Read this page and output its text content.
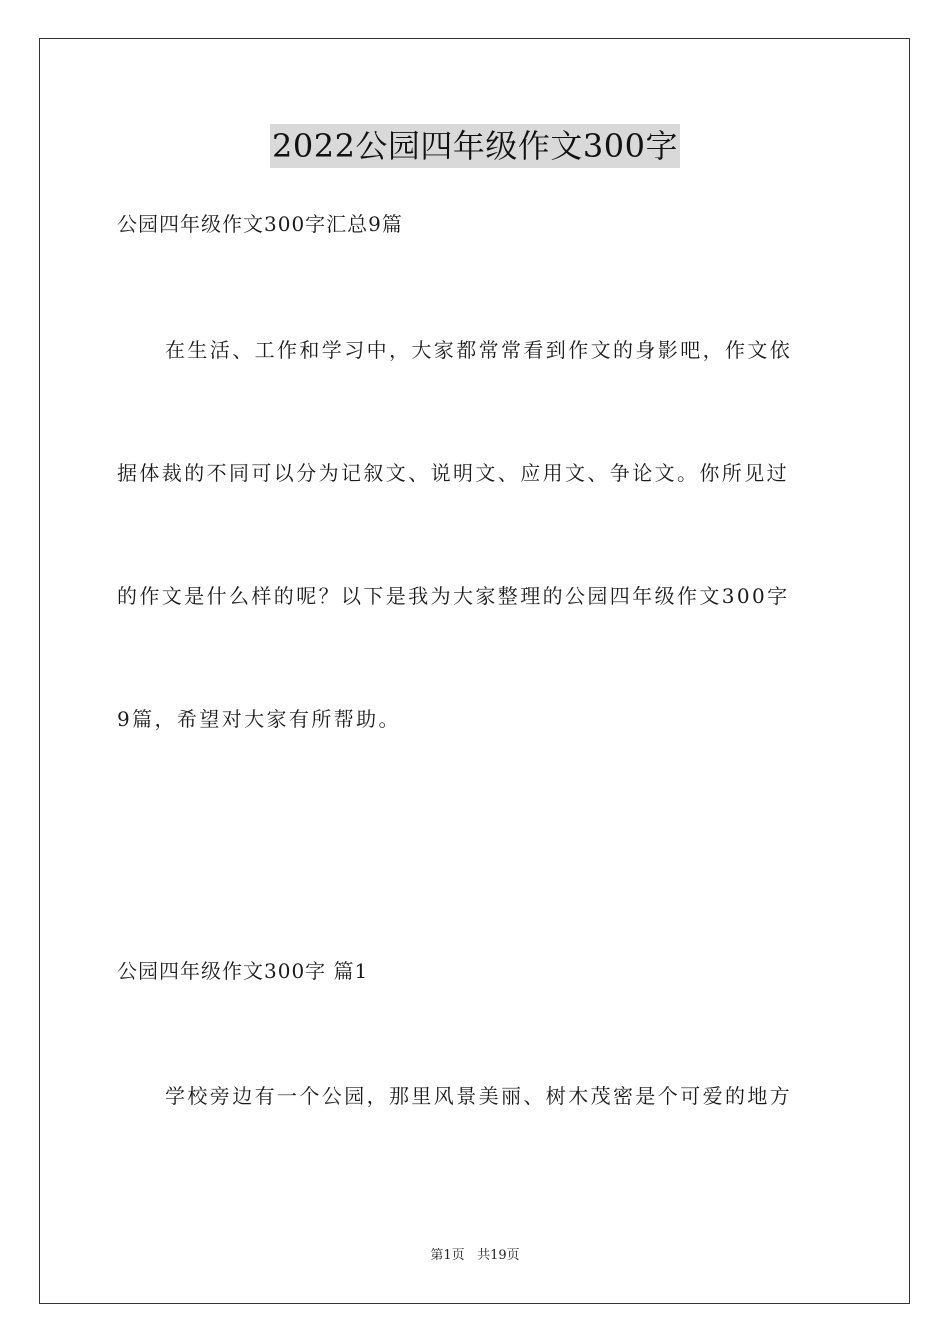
2022公园四年级作文300字
公园四年级作文300字汇总9篇
在生活、工作和学习中，大家都常常看到作文的身影吧，作文依
据体裁的不同可以分为记叙文、说明文、应用文、争论文。你所见过
的作文是什么样的呢？以下是我为大家整理的公园四年级作文300字
9篇，希望对大家有所帮助。
公园四年级作文300字 篇1
学校旁边有一个公园，那里风景美丽、树木茂密是个可爱的地方
第1页 共19页
